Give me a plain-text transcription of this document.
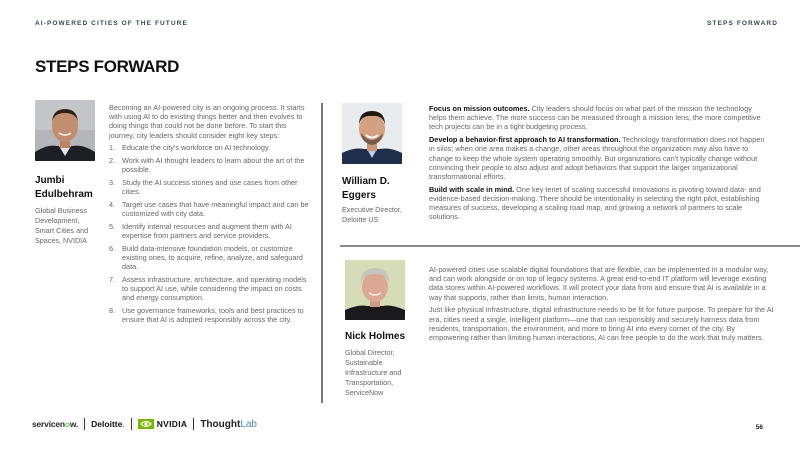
AI-POWERED CITIES OF THE FUTURE	STEPS FORWARD
STEPS FORWARD
Jumbi
Edulbehram
Global Business Development, Smart Cities and Spaces, NVIDIA

Becoming an AI-powered city is an ongoing process. It starts with using AI to do existing things better and then evolves to doing things that could not be done before. To start this journey, city leaders should consider eight key steps:

1. Educate the city's workforce on AI technology.
2. Work with AI thought leaders to learn about the art of the possible.
3. Study the AI success stories and use cases from other cities.
4. Target use cases that have meaningful impact and can be customized with city data.
5. Identify internal resources and augment them with AI expertise from partners and service providers.
6. Build data-intensive foundation models, or customize existing ones, to acquire, refine, analyze, and safeguard data.
7. Assess infrastructure, architecture, and operating models to support AI use, while considering the impact on costs and energy consumption.
8. Use governance frameworks, tools and best practices to ensure that AI is adopted responsibly across the city.
William D.
Eggers
Executive Director, Deloitte US

Focus on mission outcomes. City leaders should focus on what part of the mission the technology helps them achieve. The more success can be measured through a mission lens, the more competitive tech projects can be in a tight budgeting process.

Develop a behavior-first approach to AI transformation. Technology transformation does not happen in silos; when one area makes a change, other areas throughout the organization may also have to change to keep the whole system operating smoothly. But organizations can't typically change without convincing their people to also adjust and adopt behaviors that support the larger organizational transformational efforts.

Build with scale in mind. One key tenet of scaling successful innovations is pivoting toward data- and evidence-based decision-making. There should be intentionality in selecting the right pilot, establishing measures of success, developing a scaling road map, and growing a network of partners to scale solutions.

Nick Holmes
Global Director, Sustainable Infrastructure and Transportation, ServiceNow

AI-powered cities use scalable digital foundations that are flexible, can be implemented in a modular way, and can work alongside or on top of legacy systems. A great end-to-end IT platform will leverage existing data stores within AI-powered workflows. It will protect your data from and ensure that AI is available in a way that supports, rather than limits, human interaction.

Just like physical infrastructure, digital infrastructure needs to be fit for future purpose. To prepare for the AI era, cities need a single, intelligent platform—one that can responsibly and securely harness data from residents, transportation, the environment, and more to bring AI into every corner of the city. By empowering rather than limiting human interactions, AI can free people to do the work that truly matters.

servicenow. Deloitte.	NVIDIA ThoughtLab	56
